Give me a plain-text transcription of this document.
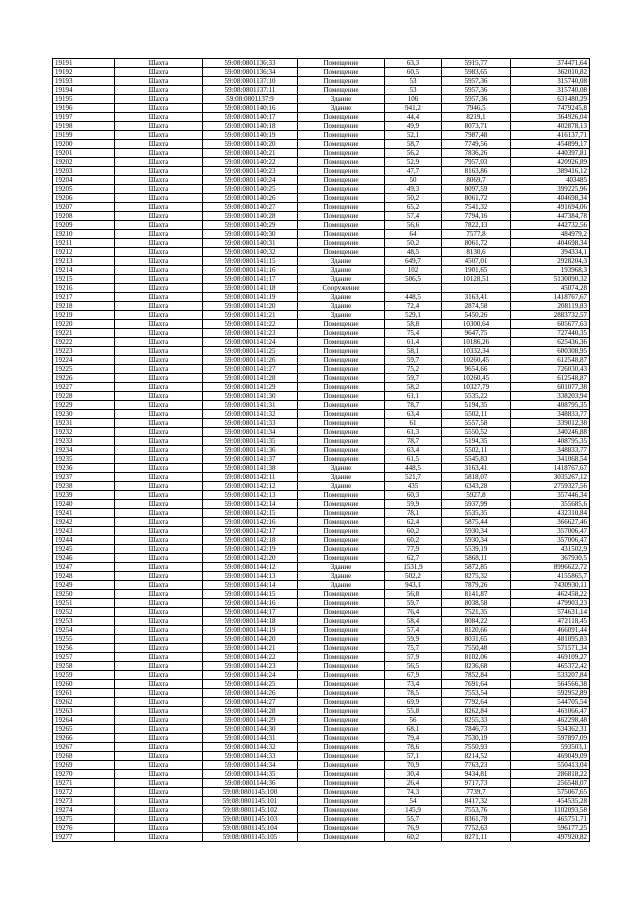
19191	Шахта	59:08:0801136:33	Помещение	63,3	5915,77	374471,64
19192	Шахта	59:08:0801136:34	Помещение	60,5	5983,65	362010,82
19193	Шахта	59:08:0801137:10	Помещение	53	5957,36	315740,08
19194	Шахта	59:08:0801137:11	Помещение	53	5957,36	315740,08
19195	Шахта	59:08:0801137:9	Здание	106	5957,36	631480,29
19196	Шахта	59:08:0801140:16	Здание	941,2	7946,5	7479245,8
19197	Шахта	59:08:0801140:17	Помещение	44,4	8219,1	364926,04
19198	Шахта	59:08:0801140:18	Помещение	49,9	8073,71	402878,13
19199	Шахта	59:08:0801140:19	Помещение	52,1	7987,48	416137,71
19200	Шахта	59:08:0801140:20	Помещение	58,7	7749,56	454899,17
19201	Шахта	59:08:0801140:21	Помещение	56,2	7836,26	440397,81
19202	Шахта	59:08:0801140:22	Помещение	52,9	7957,03	420926,89
19203	Шахта	59:08:0801140:23	Помещение	47,7	8163,86	389416,12
19204	Шахта	59:08:0801140:24	Помещение	50	8069,7	403485
19205	Шахта	59:08:0801140:25	Помещение	49,3	8097,59	399225,96
19206	Шахта	59:08:0801140:26	Помещение	50,2	8061,72	404698,34
19207	Шахта	59:08:0801140:27	Помещение	65,2	7541,32	491694,06
19208	Шахта	59:08:0801140:28	Помещение	57,4	7794,16	447384,78
19209	Шахта	59:08:0801140:29	Помещение	56,6	7822,13	442732,56
19210	Шахта	59:08:0801140:30	Помещение	64	7577,8	484979,2
19211	Шахта	59:08:0801140:31	Помещение	50,2	8061,72	404698,34
19212	Шахта	59:08:0801140:32	Помещение	48,5	8130,6	394334,1
19213	Шахта	59:08:0801141:15	Здание	649,7	4507,01	2928204,3
19214	Шахта	59:08:0801141:16	Здание	102	1901,65	193968,3
19215	Шахта	59:08:0801141:17	Здание	506,5	10128,51	5130090,32
19216	Шахта	59:08:0801141:18	Сооружение			45074,28
19217	Шахта	59:08:0801141:19	Здание	448,5	3163,41	1418767,67
19218	Шахта	59:08:0801141:20	Здание	72,4	2874,58	208119,83
19219	Шахта	59:08:0801141:21	Здание	529,1	5450,26	2883732,57
19220	Шахта	59:08:0801141:22	Помещение	58,8	10300,64	605677,63
19221	Шахта	59:08:0801141:23	Помещение	75,4	9647,75	727440,35
19222	Шахта	59:08:0801141:24	Помещение	61,4	10186,26	625436,36
19223	Шахта	59:08:0801141:25	Помещение	58,1	10332,34	600308,95
19224	Шахта	59:08:0801141:26	Помещение	59,7	10260,45	612548,87
19225	Шахта	59:08:0801141:27	Помещение	75,2	9654,66	726030,43
19226	Шахта	59:08:0801141:28	Помещение	59,7	10260,45	612548,87
19227	Шахта	59:08:0801141:29	Помещение	58,2	10327,79	601077,38
19228	Шахта	59:08:0801141:30	Помещение	61,1	5535,22	338203,94
19229	Шахта	59:08:0801141:31	Помещение	78,7	5194,35	408795,35
19230	Шахта	59:08:0801141:32	Помещение	63,4	5502,11	348833,77
19231	Шахта	59:08:0801141:33	Помещение	61	5557,58	339012,38
19232	Шахта	59:08:0801141:34	Помещение	61,3	5550,52	340246,88
19233	Шахта	59:08:0801141:35	Помещение	78,7	5194,35	408795,35
19234	Шахта	59:08:0801141:36	Помещение	63,4	5502,11	348833,77
19235	Шахта	59:08:0801141:37	Помещение	61,5	5545,83	341068,54
19236	Шахта	59:08:0801141:38	Здание	448,5	3163,41	1418767,67
19237	Шахта	59:08:0801142:11	Здание	521,7	5818,07	3035267,12
19238	Шахта	59:08:0801142:12	Здание	435	6343,28	2759327,56
19239	Шахта	59:08:0801142:13	Помещение	60,3	5927,8	357446,34
19240	Шахта	59:08:0801142:14	Помещение	59,9	5937,99	355685,6
19241	Шахта	59:08:0801142:15	Помещение	78,1	5535,35	432310,84
19242	Шахта	59:08:0801142:16	Помещение	62,4	5875,44	366627,46
19243	Шахта	59:08:0801142:17	Помещение	60,2	5930,34	357006,47
19244	Шахта	59:08:0801142:18	Помещение	60,2	5930,34	357006,47
19245	Шахта	59:08:0801142:19	Помещение	77,9	5539,19	431502,9
19246	Шахта	59:08:0801142:20	Помещение	62,7	5868,11	367930,5
19247	Шахта	59:08:0801144:12	Здание	1531,9	5872,85	8996622,72
19248	Шахта	59:08:0801144:13	Здание	502,2	8275,32	4155865,7
19249	Шахта	59:08:0801144:14	Здание	943,1	7879,26	7430930,11
19250	Шахта	59:08:0801144:15	Помещение	56,8	8141,87	462458,22
19251	Шахта	59:08:0801144:16	Помещение	59,7	8038,58	479903,23
19252	Шахта	59:08:0801144:17	Помещение	76,4	7521,35	574631,14
19253	Шахта	59:08:0801144:18	Помещение	58,4	8084,22	472118,45
19254	Шахта	59:08:0801144:19	Помещение	57,4	8120,66	466091,44
19255	Шахта	59:08:0801144:20	Помещение	59,9	8031,65	481095,83
19256	Шахта	59:08:0801144:21	Помещение	75,7	7550,48	571571,34
19257	Шахта	59:08:0801144:22	Помещение	57,9	8102,06	469109,27
19258	Шахта	59:08:0801144:23	Помещение	56,5	8236,68	465372,42
19259	Шахта	59:08:0801144:24	Помещение	67,9	7852,84	533207,84
19260	Шахта	59:08:0801144:25	Помещение	73,4	7691,64	564566,38
19261	Шахта	59:08:0801144:26	Помещение	78,5	7553,54	592952,89
19262	Шахта	59:08:0801144:27	Помещение	69,9	7792,64	544705,54
19263	Шахта	59:08:0801144:28	Помещение	55,8	8262,84	461066,47
19264	Шахта	59:08:0801144:29	Помещение	56	8255,33	462298,48
19265	Шахта	59:08:0801144:30	Помещение	68,1	7846,73	534362,31
19266	Шахта	59:08:0801144:31	Помещение	79,4	7530,19	597897,09
19267	Шахта	59:08:0801144:32	Помещение	78,6	7550,93	593503,1
19268	Шахта	59:08:0801144:33	Помещение	57,1	8214,52	469049,09
19269	Шахта	59:08:0801144:34	Помещение	70,9	7763,23	550413,04
19270	Шахта	59:08:0801144:35	Помещение	30,4	9434,81	286818,22
19271	Шахта	59:08:0801144:36	Помещение	26,4	9717,73	256548,07
19272	Шахта	59:08:0801145:100	Помещение	74,3	7739,7	575067,65
19273	Шахта	59:08:0801145:101	Помещение	54	8417,32	454535,28
19274	Шахта	59:08:0801145:102	Помещение	145,9	7553,76	1102093,58
19275	Шахта	59:08:0801145:103	Помещение	55,7	8361,78	465751,71
19276	Шахта	59:08:0801145:104	Помещение	76,9	7752,63	596177,25
19277	Шахта	59:08:0801145:105	Помещение	60,2	8271,11	497920,82
